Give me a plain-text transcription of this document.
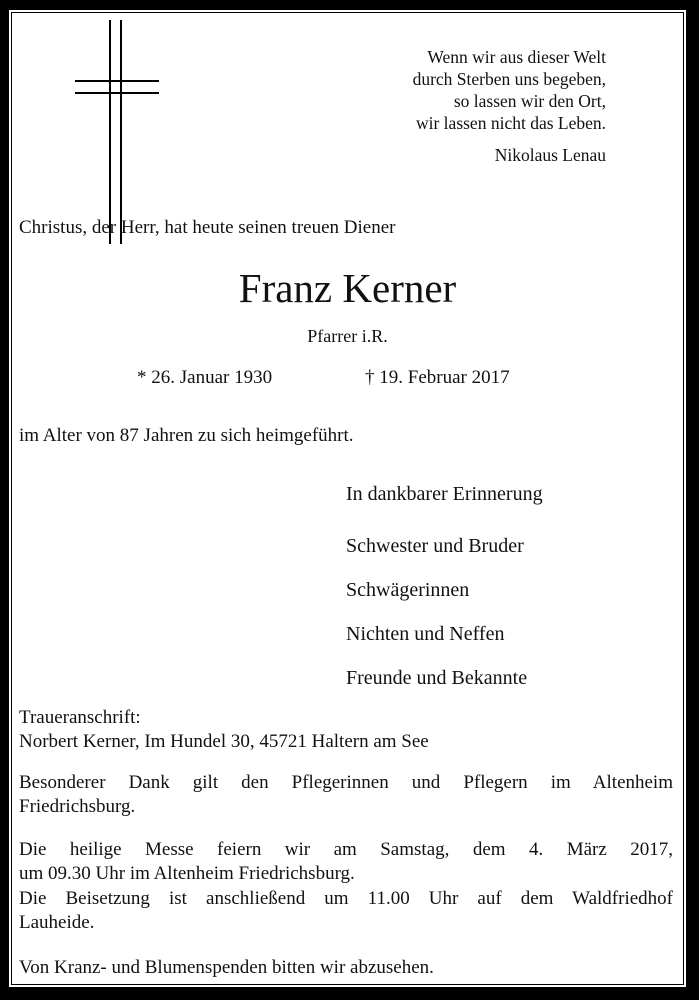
Wenn wir aus dieser Welt
durch Sterben uns begeben,
so lassen wir den Ort,
wir lassen nicht das Leben.
Nikolaus Lenau
Christus, der Herr, hat heute seinen treuen Diener
Franz Kerner
Pfarrer i.R.
* 26. Januar 1930	† 19. Februar 2017
im Alter von 87 Jahren zu sich heimgeführt.
In dankbarer Erinnerung
Schwester und Bruder
Schwägerinnen
Nichten und Neffen
Freunde und Bekannte
Traueranschrift:
Norbert Kerner, Im Hundel 30, 45721 Haltern am See
Besonderer Dank gilt den Pflegerinnen und Pflegern im Altenheim
Friedrichsburg.
Die heilige Messe feiern wir am Samstag, dem 4. März 2017,
um 09.30 Uhr im Altenheim Friedrichsburg.
Die Beisetzung ist anschließend um 11.00 Uhr auf dem Waldfriedhof
Lauheide.
Von Kranz- und Blumenspenden bitten wir abzusehen.
